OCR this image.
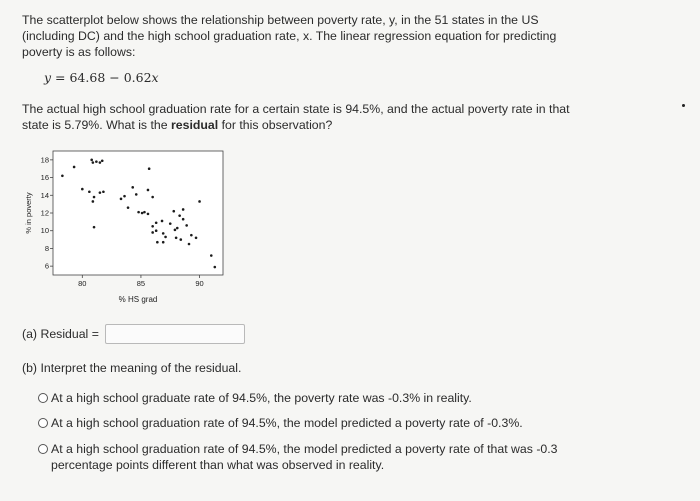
The scatterplot below shows the relationship between poverty rate, y, in the 51 states in the US (including DC) and the high school graduation rate, x. The linear regression equation for predicting poverty is as follows:
y = 64.68 − 0.62x
The actual high school graduation rate for a certain state is 94.5%, and the actual poverty rate in that state is 5.79%. What is the residual for this observation?
% in poverty
% HS grad
6
8
10
12
14
16
18
80	85	90
(a) Residual =
(b) Interpret the meaning of the residual.
At a high school graduate rate of 94.5%, the poverty rate was -0.3% in reality.
At a high school graduation rate of 94.5%, the model predicted a poverty rate of -0.3%.
At a high school graduation rate of 94.5%, the model predicted a poverty rate of that was -0.3 percentage points different than what was observed in reality.
